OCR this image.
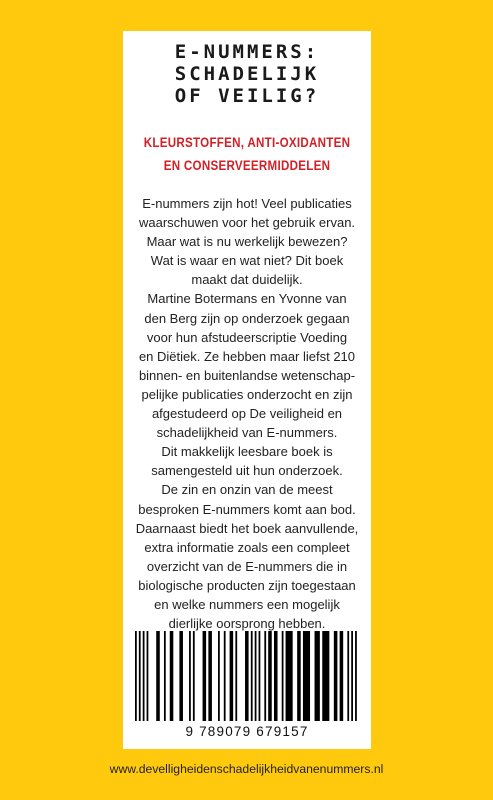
E-NUMMERS:
SCHADELIJK
OF VEILIG?
KLEURSTOFFEN, ANTI-OXIDANTEN
EN CONSERVEERMIDDELEN
E-nummers zijn hot! Veel publicaties
waarschuwen voor het gebruik ervan.
Maar wat is nu werkelijk bewezen?
Wat is waar en wat niet? Dit boek
maakt dat duidelijk.
Martine Botermans en Yvonne van
den Berg zijn op onderzoek gegaan
voor hun afstudeerscriptie Voeding
en Diëtiek. Ze hebben maar liefst 210
binnen- en buitenlandse wetenschap-
pelijke publicaties onderzocht en zijn
afgestudeerd op De veiligheid en
schadelijkheid van E-nummers.
Dit makkelijk leesbare boek is
samengesteld uit hun onderzoek.
De zin en onzin van de meest
besproken E-nummers komt aan bod.
Daarnaast biedt het boek aanvullende,
extra informatie zoals een compleet
overzicht van de E-nummers die in
biologische producten zijn toegestaan
en welke nummers een mogelijk
dierlijke oorsprong hebben.
9 789079 679157
www.develligheidenschadelijkheidvanenummers.nl
